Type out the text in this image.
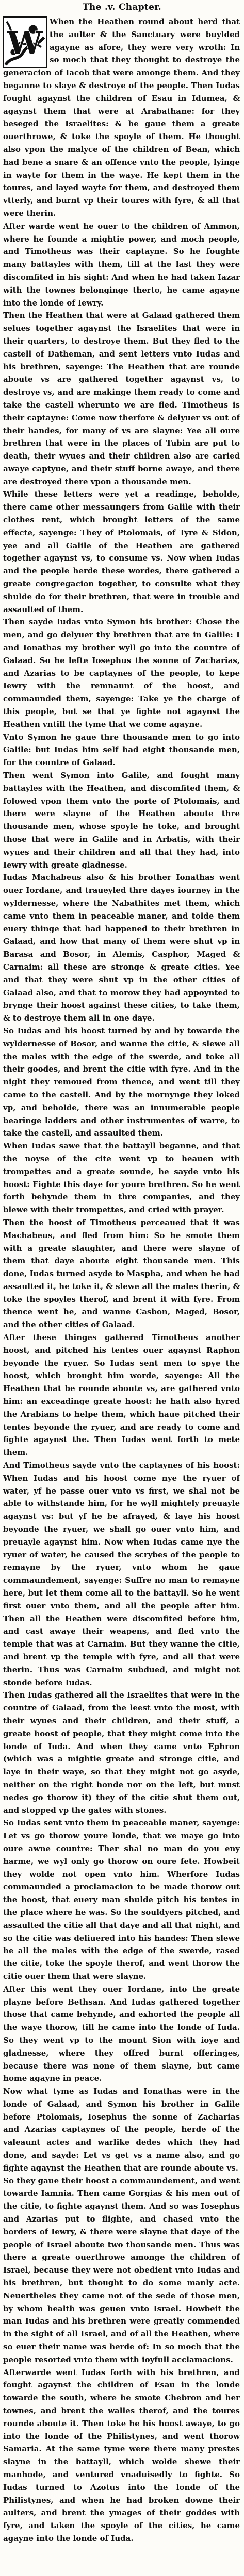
The .v. Chapter.
W
When the Heathen round about herd that
the aulter & the Sanctuary were buylded
agayne as afore, they were very wroth: In
so moch that they thought to destroye the
generacion of Iacob that were amonge them. And they
beganne to slaye & destroye of the people. Then Iudas
fought agaynst the children of Esau in Idumea, &
agaynst them that were at Arabathane: for they
beseged the Israelites: & he gaue them a greate
ouerthrowe, & toke the spoyle of them. He thought
also vpon the malyce of the children of Bean, which
had bene a snare & an offence vnto the people, lyinge
in wayte for them in the waye. He kept them in the
toures, and layed wayte for them, and destroyed them
vtterly, and burnt vp their toures with fyre, & all that
were therin.
After warde went he ouer to the children of Ammon,
where he founde a mightie power, and moch people,
and Timotheus was their captayne. So he foughte
many battayles with them, till at the last they were
discomfited in his sight: And when he had taken Iazar
with the townes belonginge therto, he came agayne
into the londe of Iewry.
Then the Heathen that were at Galaad gathered them
selues together agaynst the Israelites that were in
their quarters, to destroye them. But they fled to the
castell of Datheman, and sent letters vnto Iudas and
his brethren, sayenge: The Heathen that are rounde
aboute vs are gathered together agaynst vs, to
destroye vs, and are makinge them ready to come and
take the castell wherunto we are fled. Timotheus is
their captayne: Come now therfore & delyuer vs out of
their handes, for many of vs are slayne: Yee all oure
brethren that were in the places of Tubin are put to
death, their wyues and their children also are caried
awaye captyue, and their stuff borne awaye, and there
are destroyed there vpon a thousande men.
While these letters were yet a readinge, beholde,
there came other messaungers from Galile with their
clothes rent, which brought letters of the same
effecte, sayenge: They of Ptolomais, of Tyre & Sidon,
yee and all Galile of the Heathen are gathered
together agaynst vs, to consume vs. Now when Iudas
and the people herde these wordes, there gathered a
greate congregacion together, to consulte what they
shulde do for their brethren, that were in trouble and
assaulted of them.
Then sayde Iudas vnto Symon his brother: Chose the
men, and go delyuer thy brethren that are in Galile: I
and Ionathas my brother wyll go into the countre of
Galaad. So he lefte Iosephus the sonne of Zacharias,
and Azarias to be captaynes of the people, to kepe
Iewry with the remnaunt of the hoost, and
commaunded them, sayenge: Take ye the charge of
this people, but se that ye fighte not agaynst the
Heathen vntill the tyme that we come agayne.
Vnto Symon he gaue thre thousande men to go into
Galile: but Iudas him self had eight thousande men,
for the countre of Galaad.
Then went Symon into Galile, and fought many
battayles with the Heathen, and discomfited them, &
folowed vpon them vnto the porte of Ptolomais, and
there were slayne of the Heathen aboute thre
thousande men, whose spoyle he toke, and brought
those that were in Galile and in Arbatis, with their
wyues and their children and all that they had, into
Iewry with greate gladnesse.
Iudas Machabeus also & his brother Ionathas went
ouer Iordane, and traueyled thre dayes iourney in the
wyldernesse, where the Nabathites met them, which
came vnto them in peaceable maner, and tolde them
euery thinge that had happened to their brethren in
Galaad, and how that many of them were shut vp in
Barasa and Bosor, in Alemis, Casphor, Maged &
Carnaim: all these are stronge & greate cities. Yee
and that they were shut vp in the other cities of
Galaad also, and that to morow they had appoynted to
brynge their hoost against these cities, to take them,
& to destroye them all in one daye.
So Iudas and his hoost turned by and by towarde the
wyldernesse of Bosor, and wanne the citie, & slewe all
the males with the edge of the swerde, and toke all
their goodes, and brent the citie with fyre. And in the
night they remoued from thence, and went till they
came to the castell. And by the mornynge they loked
vp, and beholde, there was an innumerable people
bearinge ladders and other instrumentes of warre, to
take the castell, and assaulted them.
When Iudas sawe that the battayll beganne, and that
the noyse of the cite went vp to heauen with
trompettes and a greate sounde, he sayde vnto his
hoost: Fighte this daye for youre brethren. So he went
forth behynde them in thre companies, and they
blewe with their trompettes, and cried with prayer.
Then the hoost of Timotheus perceaued that it was
Machabeus, and fled from him: So he smote them
with a greate slaughter, and there were slayne of
them that daye aboute eight thousande men. This
done, Iudas turned asyde to Maspha, and when he had
assaulted it, he toke it, & slewe all the males therin, &
toke the spoyles therof, and brent it with fyre. From
thence went he, and wanne Casbon, Maged, Bosor,
and the other cities of Galaad.
After these thinges gathered Timotheus another
hoost, and pitched his tentes ouer agaynst Raphon
beyonde the ryuer. So Iudas sent men to spye the
hoost, which brought him worde, sayenge: All the
Heathen that be rounde aboute vs, are gathered vnto
him: an exceadinge greate hoost: he hath also hyred
the Arabians to helpe them, which haue pitched their
tentes beyonde the ryuer, and are ready to come and
fighte agaynst the. Then Iudas went forth to mete
them.
And Timotheus sayde vnto the captaynes of his hoost:
When Iudas and his hoost come nye the ryuer of
water, yf he passe ouer vnto vs first, we shal not be
able to withstande him, for he wyll mightely preuayle
agaynst vs: but yf he be afrayed, & laye his hoost
beyonde the ryuer, we shall go ouer vnto him, and
preuayle agaynst him. Now when Iudas came nye the
ryuer of water, he caused the scrybes of the people to
remayne by the ryuer, vnto whom he gaue
commaundement, sayenge: Suffre no man to remayne
here, but let them come all to the battayll. So he went
first ouer vnto them, and all the people after him.
Then all the Heathen were discomfited before him,
and cast awaye their weapens, and fled vnto the
temple that was at Carnaim. But they wanne the citie,
and brent vp the temple with fyre, and all that were
therin. Thus was Carnaim subdued, and might not
stonde before Iudas.
Then Iudas gathered all the Israelites that were in the
countre of Galaad, from the leest vnto the most, with
their wyues and their children, and their stuff, a
greate hoost of people, that they might come into the
londe of Iuda. And when they came vnto Ephron
(which was a mightie greate and stronge citie, and
laye in their waye, so that they might not go asyde,
neither on the right honde nor on the left, but must
nedes go thorow it) they of the citie shut them out,
and stopped vp the gates with stones.
So Iudas sent vnto them in peaceable maner, sayenge:
Let vs go thorow youre londe, that we maye go into
oure awne countre: Ther shal no man do you eny
harme, we wyl only go thorow on oure fete. Howbeit
they wolde not open vnto him. Wherfore Iudas
commaunded a proclamacion to be made thorow out
the hoost, that euery man shulde pitch his tentes in
the place where he was. So the souldyers pitched, and
assaulted the citie all that daye and all that night, and
so the citie was deliuered into his handes: Then slewe
he all the males with the edge of the swerde, rased
the citie, toke the spoyle therof, and went thorow the
citie ouer them that were slayne.
After this went they ouer Iordane, into the greate
playne before Bethsan. And Iudas gathered together
those that came behynde, and exhorted the people all
the waye thorow, till he came into the londe of Iuda.
So they went vp to the mount Sion with ioye and
gladnesse, where they offred burnt offeringes,
because there was none of them slayne, but came
home agayne in peace.
Now what tyme as Iudas and Ionathas were in the
londe of Galaad, and Symon his brother in Galile
before Ptolomais, Iosephus the sonne of Zacharias
and Azarias captaynes of the people, herde of the
valeaunt actes and warlike dedes which they had
done, and sayde: Let vs get vs a name also, and go
fighte agaynst the Heathen that are rounde aboute vs.
So they gaue their hoost a commaundement, and went
towarde Iamnia. Then came Gorgias & his men out of
the citie, to fighte agaynst them. And so was Iosephus
and Azarias put to flighte, and chased vnto the
borders of Iewry, & there were slayne that daye of the
people of Israel aboute two thousande men. Thus was
there a greate ouerthrowe amonge the children of
Israel, because they were not obedient vnto Iudas and
his brethren, but thought to do some manly acte.
Neuertheles they came not of the sede of those men,
by whom health was geuen vnto Israel. Howbeit the
man Iudas and his brethren were greatly commended
in the sight of all Israel, and of all the Heathen, where
so euer their name was herde of: In so moch that the
people resorted vnto them with ioyfull acclamacions.
Afterwarde went Iudas forth with his brethren, and
fought agaynst the children of Esau in the londe
towarde the south, where he smote Chebron and her
townes, and brent the walles therof, and the toures
rounde aboute it. Then toke he his hoost awaye, to go
into the londe of the Philistynes, and went thorow
Samaria. At the same tyme were there many prestes
slayne in the battayll, which wolde shewe their
manhode, and ventured vnaduisedly to fighte. So
Iudas turned to Azotus into the londe of the
Philistynes, and when he had broken downe their
aulters, and brent the ymages of their goddes with
fyre, and taken the spoyle of the cities, he came
agayne into the londe of Iuda.
